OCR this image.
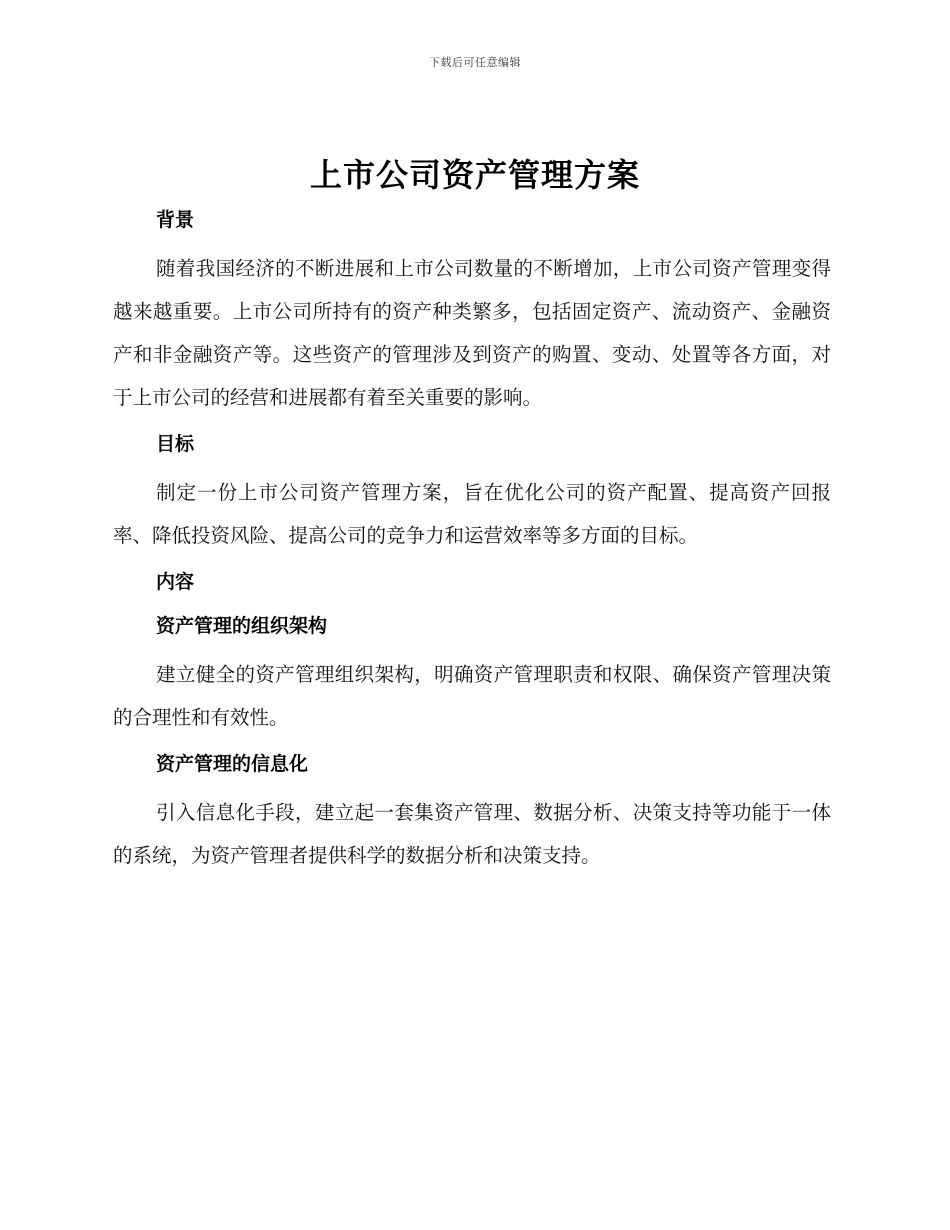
下载后可任意编辑
上市公司资产管理方案
背景

随着我国经济的不断进展和上市公司数量的不断增加，上市公司资产管理变得越来越重要。上市公司所持有的资产种类繁多，包括固定资产、流动资产、金融资产和非金融资产等。这些资产的管理涉及到资产的购置、变动、处置等各方面，对于上市公司的经营和进展都有着至关重要的影响。

目标

制定一份上市公司资产管理方案，旨在优化公司的资产配置、提高资产回报率、降低投资风险、提高公司的竞争力和运营效率等多方面的目标。

内容
资产管理的组织架构

建立健全的资产管理组织架构，明确资产管理职责和权限、确保资产管理决策的合理性和有效性。

资产管理的信息化

引入信息化手段，建立起一套集资产管理、数据分析、决策支持等功能于一体的系统，为资产管理者提供科学的数据分析和决策支持。
